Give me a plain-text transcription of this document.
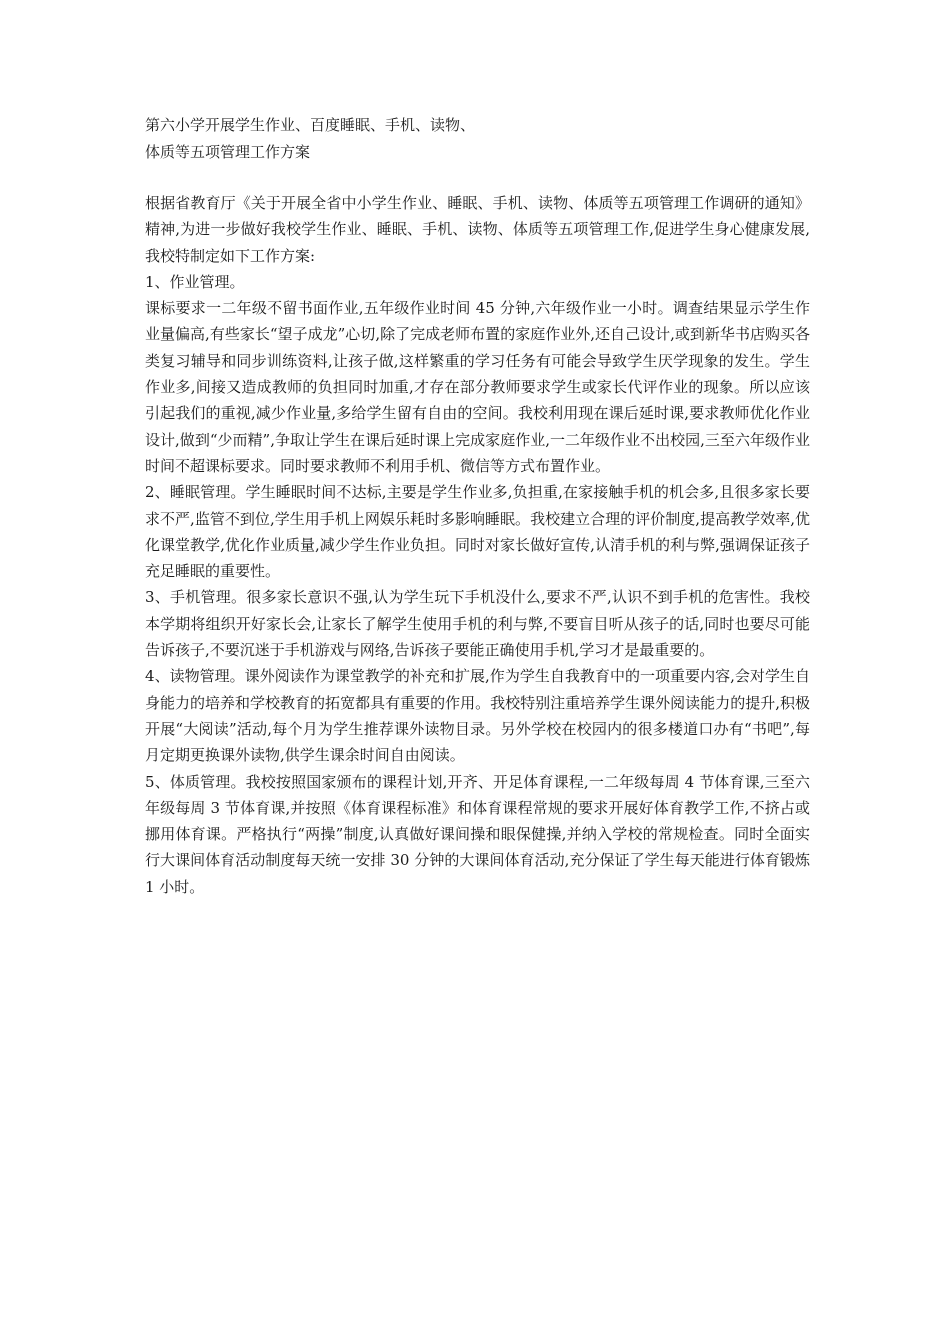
第六小学开展学生作业、百度睡眠、手机、读物、

体质等五项管理工作方案

根据省教育厅《关于开展全省中小学生作业、睡眠、手机、读物、体质等五项管理工作调研的通知》精神,为进一步做好我校学生作业、睡眠、手机、读物、体质等五项管理工作,促进学生身心健康发展,我校特制定如下工作方案:

1、作业管理。

课标要求一二年级不留书面作业,五年级作业时间 45 分钟,六年级作业一小时。调查结果显示学生作业量偏高,有些家长“望子成龙”心切,除了完成老师布置的家庭作业外,还自己设计,或到新华书店购买各类复习辅导和同步训练资料,让孩子做,这样繁重的学习任务有可能会导致学生厌学现象的发生。学生作业多,间接又造成教师的负担同时加重,才存在部分教师要求学生或家长代评作业的现象。所以应该引起我们的重视,减少作业量,多给学生留有自由的空间。我校利用现在课后延时课,要求教师优化作业设计,做到“少而精”,争取让学生在课后延时课上完成家庭作业,一二年级作业不出校园,三至六年级作业时间不超课标要求。同时要求教师不利用手机、微信等方式布置作业。

2、睡眠管理。学生睡眠时间不达标,主要是学生作业多,负担重,在家接触手机的机会多,且很多家长要求不严,监管不到位,学生用手机上网娱乐耗时多影响睡眠。我校建立合理的评价制度,提高教学效率,优化课堂教学,优化作业质量,减少学生作业负担。同时对家长做好宣传,认清手机的利与弊,强调保证孩子充足睡眠的重要性。

3、手机管理。很多家长意识不强,认为学生玩下手机没什么,要求不严,认识不到手机的危害性。我校本学期将组织开好家长会,让家长了解学生使用手机的利与弊,不要盲目听从孩子的话,同时也要尽可能告诉孩子,不要沉迷于手机游戏与网络,告诉孩子要能正确使用手机,学习才是最重要的。

4、读物管理。课外阅读作为课堂教学的补充和扩展,作为学生自我教育中的一项重要内容,会对学生自身能力的培养和学校教育的拓宽都具有重要的作用。我校特别注重培养学生课外阅读能力的提升,积极开展“大阅读”活动,每个月为学生推荐课外读物目录。另外学校在校园内的很多楼道口办有“书吧”,每月定期更换课外读物,供学生课余时间自由阅读。

5、体质管理。我校按照国家颁布的课程计划,开齐、开足体育课程,一二年级每周 4 节体育课,三至六年级每周 3 节体育课,并按照《体育课程标准》和体育课程常规的要求开展好体育教学工作,不挤占或挪用体育课。严格执行“两操”制度,认真做好课间操和眼保健操,并纳入学校的常规检查。同时全面实行大课间体育活动制度每天统一安排 30 分钟的大课间体育活动,充分保证了学生每天能进行体育锻炼 1 小时。
